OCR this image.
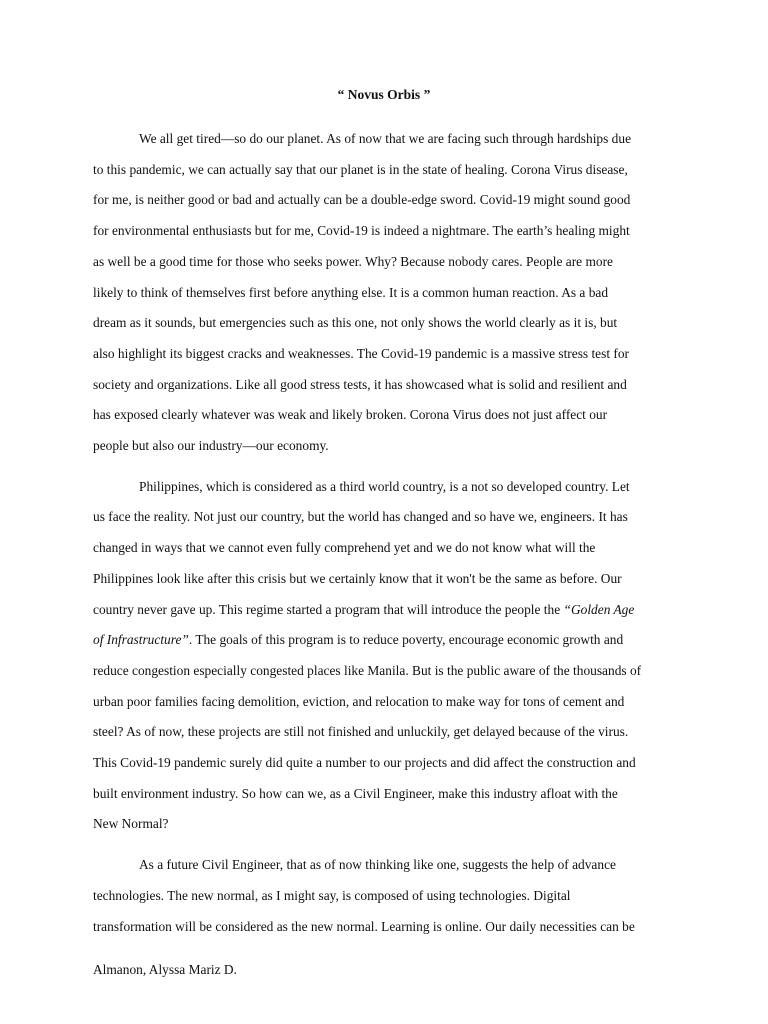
“ Novus Orbis ”

We all get tired—so do our planet. As of now that we are facing such through hardships due
to this pandemic, we can actually say that our planet is in the state of healing. Corona Virus disease,
for me, is neither good or bad and actually can be a double-edge sword. Covid-19 might sound good
for environmental enthusiasts but for me, Covid-19 is indeed a nightmare. The earth’s healing might
as well be a good time for those who seeks power. Why? Because nobody cares. People are more
likely to think of themselves first before anything else. It is a common human reaction. As a bad
dream as it sounds, but emergencies such as this one, not only shows the world clearly as it is, but
also highlight its biggest cracks and weaknesses. The Covid-19 pandemic is a massive stress test for
society and organizations. Like all good stress tests, it has showcased what is solid and resilient and
has exposed clearly whatever was weak and likely broken. Corona Virus does not just affect our
people but also our industry—our economy.

Philippines, which is considered as a third world country, is a not so developed country. Let
us face the reality. Not just our country, but the world has changed and so have we, engineers. It has
changed in ways that we cannot even fully comprehend yet and we do not know what will the
Philippines look like after this crisis but we certainly know that it won't be the same as before. Our
country never gave up. This regime started a program that will introduce the people the “Golden Age
of Infrastructure”. The goals of this program is to reduce poverty, encourage economic growth and
reduce congestion especially congested places like Manila. But is the public aware of the thousands of
urban poor families facing demolition, eviction, and relocation to make way for tons of cement and
steel? As of now, these projects are still not finished and unluckily, get delayed because of the virus.
This Covid-19 pandemic surely did quite a number to our projects and did affect the construction and
built environment industry. So how can we, as a Civil Engineer, make this industry afloat with the
New Normal?

As a future Civil Engineer, that as of now thinking like one, suggests the help of advance
technologies. The new normal, as I might say, is composed of using technologies. Digital
transformation will be considered as the new normal. Learning is online. Our daily necessities can be

Almanon, Alyssa Mariz D.
